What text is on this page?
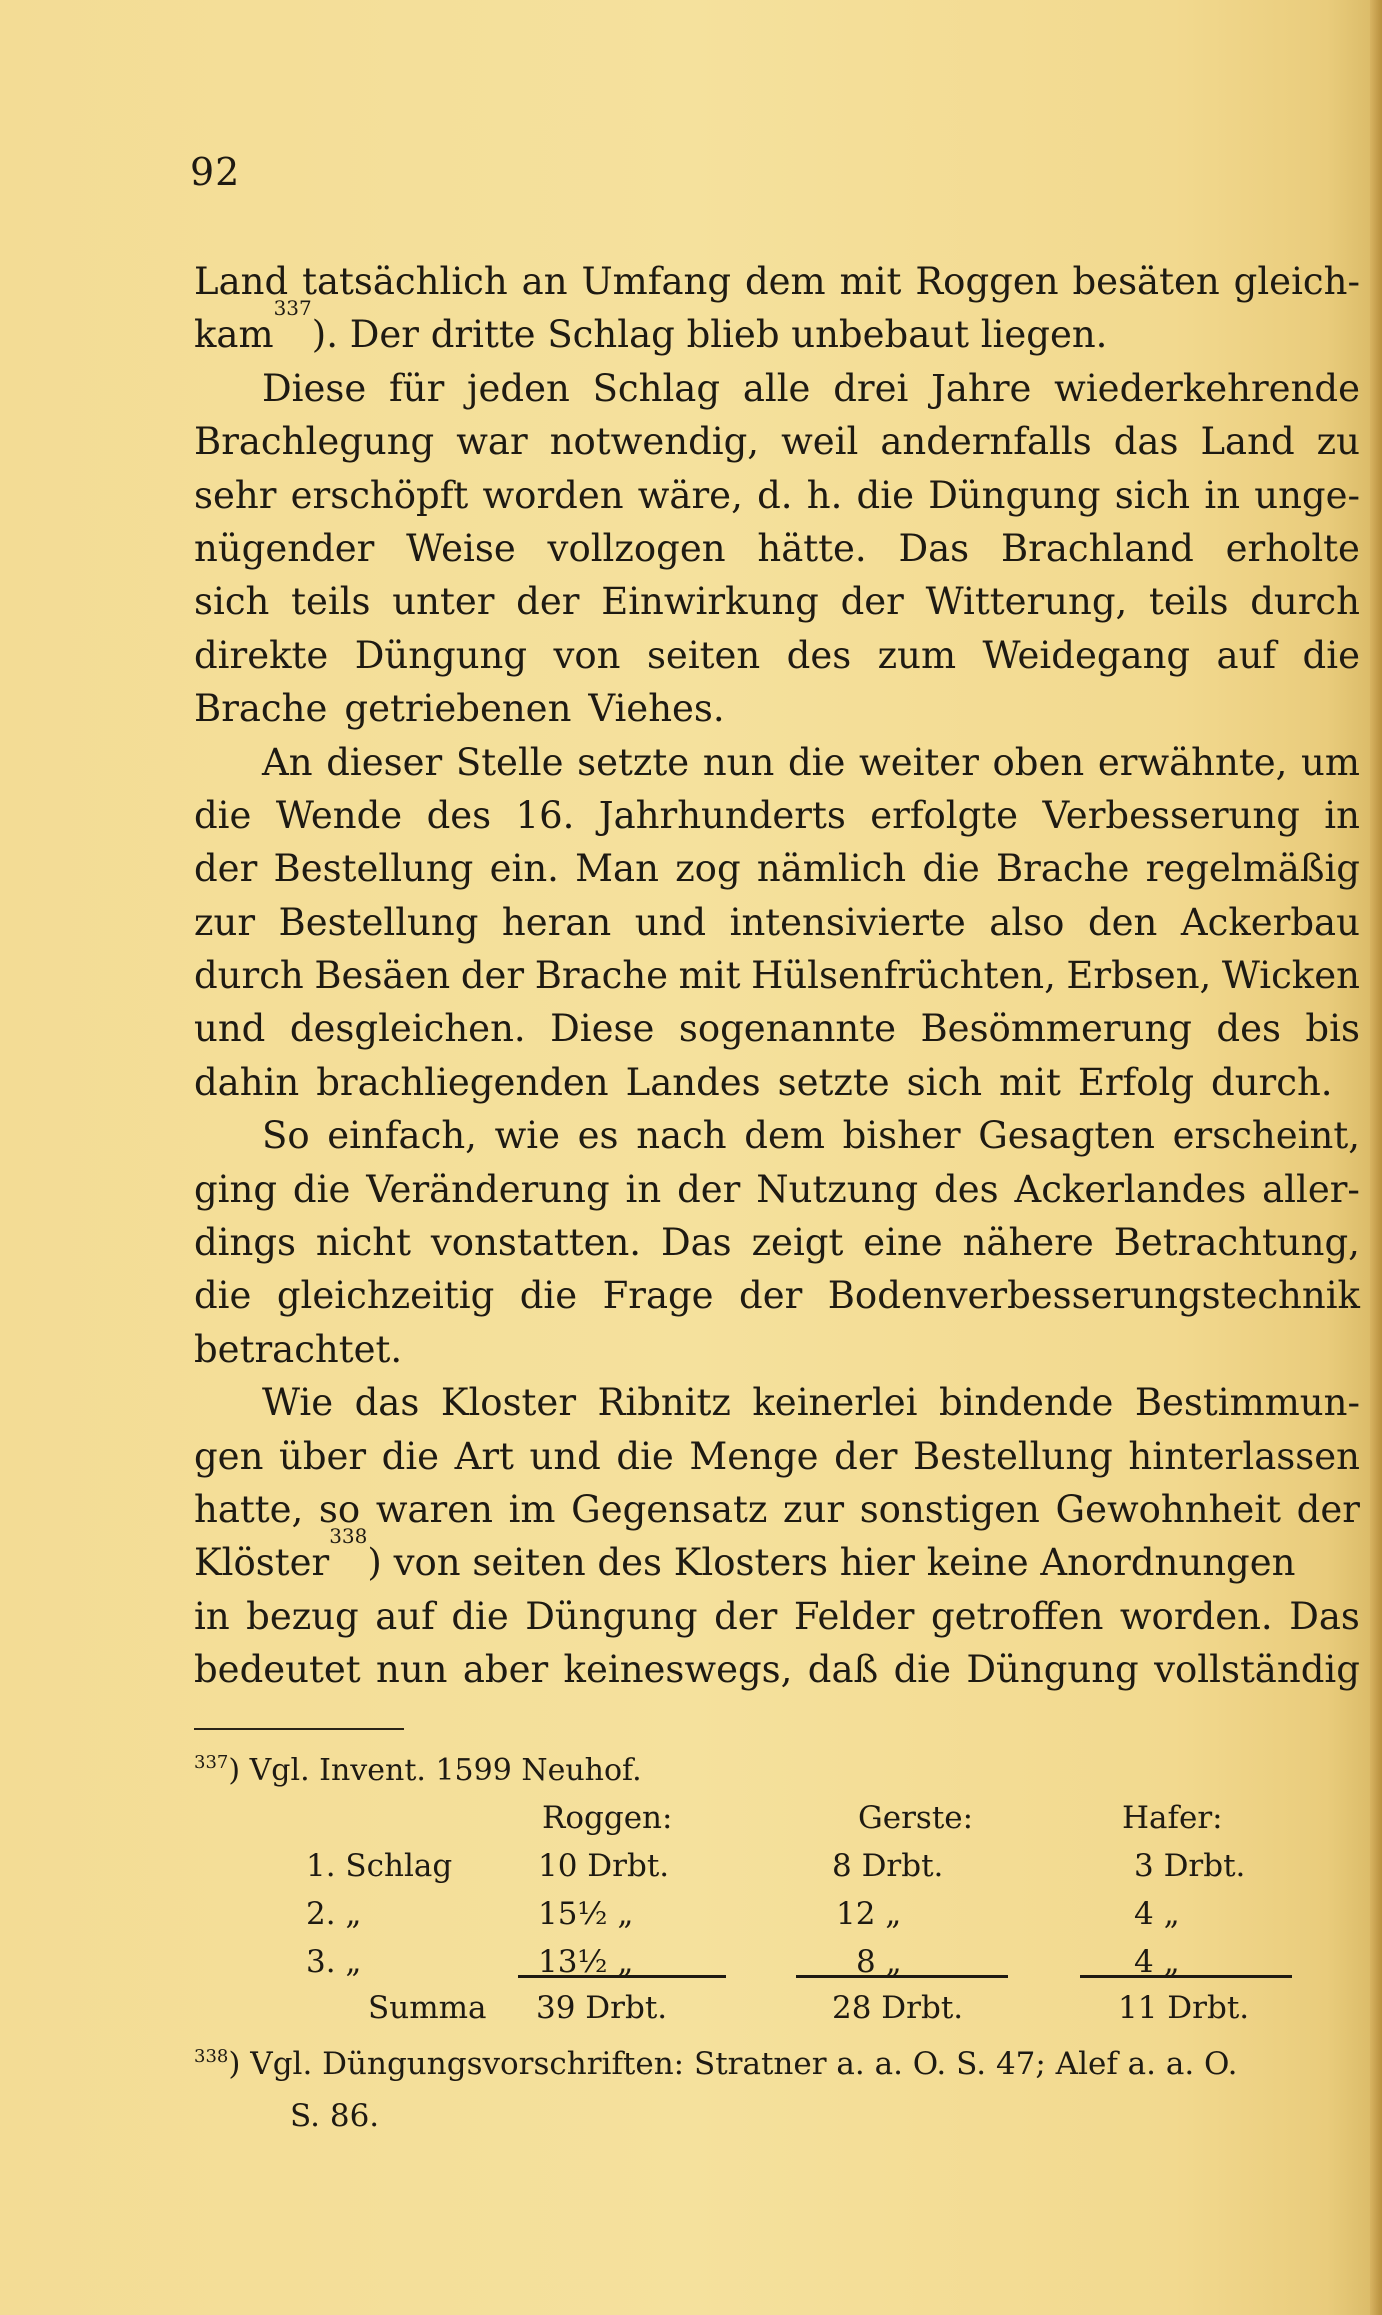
92
Land tatsächlich an Umfang dem mit Roggen besäten gleich-
kam
337
). Der dritte Schlag blieb unbebaut liegen.
Diese für jeden Schlag alle drei Jahre wiederkehrende
Brachlegung war notwendig, weil andernfalls das Land zu
sehr erschöpft worden wäre, d. h. die Düngung sich in unge-
nügender Weise vollzogen hätte. Das Brachland erholte
sich teils unter der Einwirkung der Witterung, teils durch
direkte Düngung von seiten des zum Weidegang auf die
Brache getriebenen Viehes.
An dieser Stelle setzte nun die weiter oben erwähnte, um
die Wende des 16. Jahrhunderts erfolgte Verbesserung in
der Bestellung ein. Man zog nämlich die Brache regelmäßig
zur Bestellung heran und intensivierte also den Ackerbau
durch Besäen der Brache mit Hülsenfrüchten, Erbsen, Wicken
und desgleichen. Diese sogenannte Besömmerung des bis
dahin brachliegenden Landes setzte sich mit Erfolg durch.
So einfach, wie es nach dem bisher Gesagten erscheint,
ging die Veränderung in der Nutzung des Ackerlandes aller-
dings nicht vonstatten. Das zeigt eine nähere Betrachtung,
die gleichzeitig die Frage der Bodenverbesserungstechnik
betrachtet.
Wie das Kloster Ribnitz keinerlei bindende Bestimmun-
gen über die Art und die Menge der Bestellung hinterlassen
hatte, so waren im Gegensatz zur sonstigen Gewohnheit der
Klöster
338
) von seiten des Klosters hier keine Anordnungen
in bezug auf die Düngung der Felder getroffen worden. Das
bedeutet nun aber keineswegs, daß die Düngung vollständig
$^{337}$) Vgl. Invent. 1599 Neuhof.
Roggen:	Gerste:	Hafer:
1. Schlag	10 Drbt.	8 Drbt.	3 Drbt.
2. „	15½ „	12 „	4 „
3. „	13½ „	8 „	4 „
Summa 39 Drbt.	28 Drbt.	11 Drbt.
$^{338}$) Vgl. Düngungsvorschriften: Stratner a. a. O. S. 47; Alef a. a. O.
S. 86.
